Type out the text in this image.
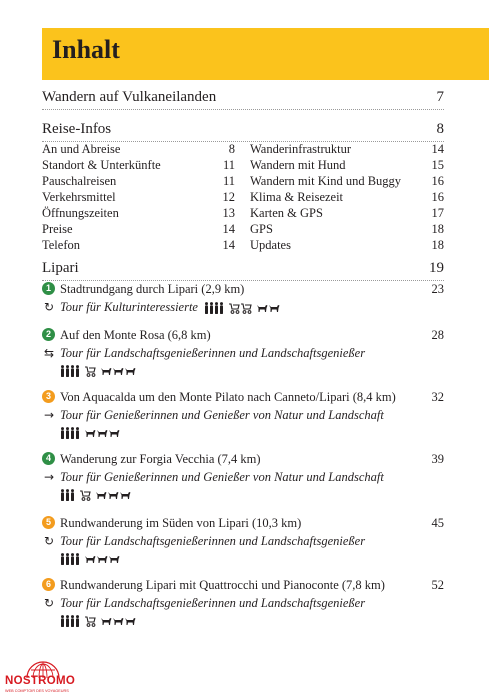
Inhalt
Wandern auf Vulkaneilanden	7
Reise-Infos	8
An und Abreise	8
Standort & Unterkünfte	11
Pauschalreisen	11
Verkehrsmittel	12
Öffnungszeiten	13
Preise	14
Telefon	14
Wanderinfrastruktur	14
Wandern mit Hund	15
Wandern mit Kind und Buggy 16
Klima & Reisezeit	16
Karten & GPS	17
GPS	18
Updates	18
Lipari	19
1 Stadtrundgang durch Lipari (2,9 km)	23
↻ Tour für Kulturinteressierte
2 Auf den Monte Rosa (6,8 km)	28
⇆ Tour für Landschaftsgenießerinnen und Landschaftsgenießer
3 Von Aquacalda um den Monte Pilato nach Canneto/Lipari (8,4 km)	32
→ Tour für Genießerinnen und Genießer von Natur und Landschaft
4 Wanderung zur Forgia Vecchia (7,4 km)	39
→ Tour für Genießerinnen und Genießer von Natur und Landschaft
5 Rundwanderung im Süden von Lipari (10,3 km)	45
↻ Tour für Landschaftsgenießerinnen und Landschaftsgenießer
6 Rundwanderung Lipari mit Quattrocchi und Pianoconte (7,8 km)	52
↻ Tour für Landschaftsgenießerinnen und Landschaftsgenießer
NOSTROMO
WEB COMPTOIR DES VOYAGEURS
